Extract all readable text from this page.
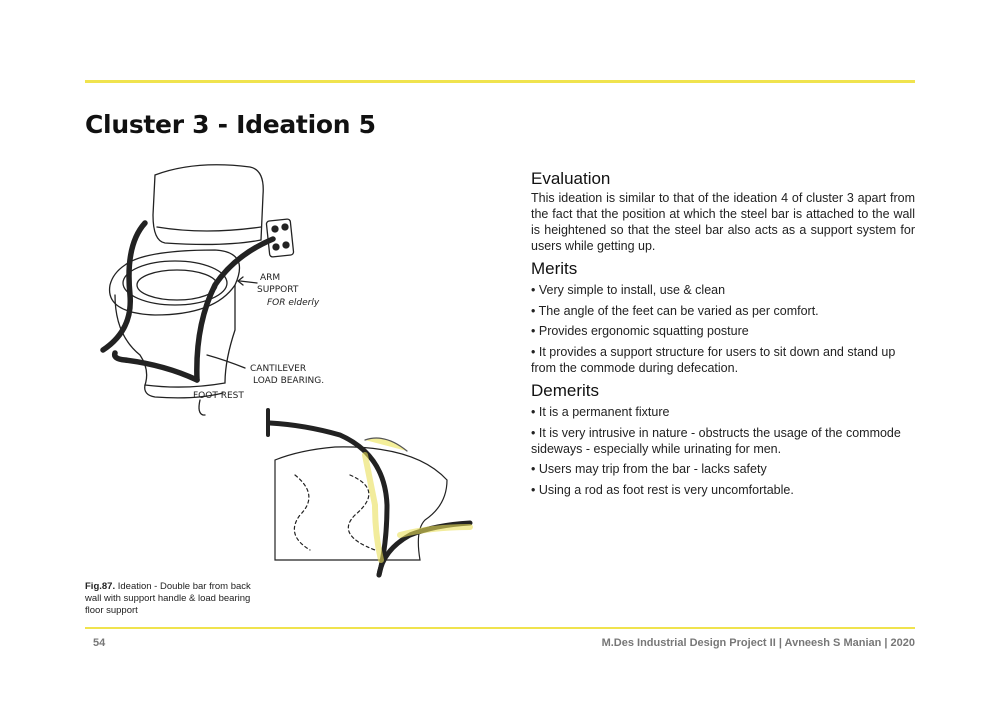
Cluster 3 - Ideation 5
ARM
SUPPORT
FOR elderly
CANTILEVER
LOAD BEARING.
FOOT REST
Fig.87. Ideation - Double bar from back wall with support handle & load bearing floor support
Evaluation

This ideation is similar to that of the ideation 4 of cluster 3 apart from the fact that the position at which the steel bar is attached to the wall is heightened so that the steel bar also acts as a support system for users while getting up.

Merits
• Very simple to install, use & clean
• The angle of the feet can be varied as per comfort.
• Provides ergonomic squatting posture
• It provides a support structure for users to sit down and stand up from the commode during defecation.
Demerits
• It is a permanent fixture
• It is very intrusive in nature - obstructs the usage of the commode sideways - especially while urinating for men.
• Users may trip from the bar - lacks safety
• Using a rod as foot rest is very uncomfortable.
54	M.Des Industrial Design Project II | Avneesh S Manian | 2020
